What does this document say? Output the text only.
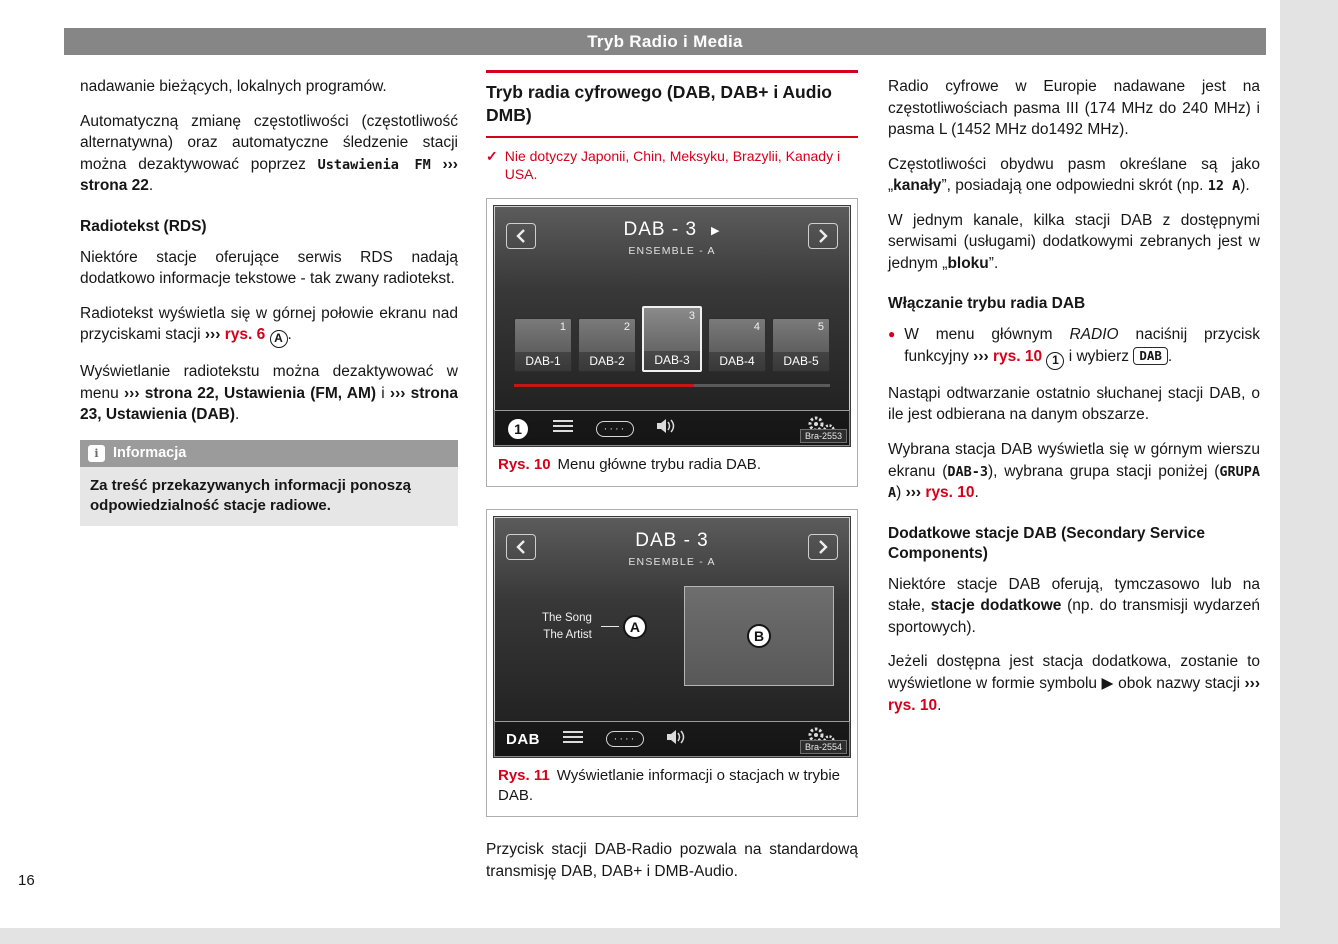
Tryb Radio i Media
16

nadawanie bieżących, lokalnych programów.

Automatyczną zmianę częstotliwości (częstotliwość alternatywna) oraz automatyczne śledzenie stacji można dezaktywować poprzez Ustawienia FM ››› strona 22.

Radiotekst (RDS)

Niektóre stacje oferujące serwis RDS nadają dodatkowo informacje tekstowe - tak zwany radiotekst.

Radiotekst wyświetla się w górnej połowie ekranu nad przyciskami stacji ››› rys. 6 A .

Wyświetlanie radiotekstu można dezaktywować w menu ››› strona 22, Ustawienia (FM, AM) i ››› strona 23, Ustawienia (DAB).

i Informacja
Za treść przekazywanych informacji ponoszą odpowiedzialność stacje radiowe.
Tryb radia cyfrowego (DAB, DAB+ i Audio DMB)

✓ Nie dotyczy Japonii, Chin, Meksyku, Brazylii, Kanady i USA.

DAB - 3 ▶
ENSEMBLE - A
1
DAB-1
2
DAB-2
3
DAB-3
4
DAB-4
5
DAB-5
1	····
Bra-2553
Rys. 10 Menu główne trybu radia DAB.
DAB - 3
ENSEMBLE - A
The Song
The Artist	A
B
DAB	····
Bra-2554
Rys. 11 Wyświetlanie informacji o stacjach w trybie DAB.

Przycisk stacji DAB-Radio pozwala na standardową transmisję DAB, DAB+ i DMB-Audio.

Radio cyfrowe w Europie nadawane jest na częstotliwościach pasma III (174 MHz do 240 MHz) i pasma L (1452 MHz do1492 MHz).

Częstotliwości obydwu pasm określane są jako „kanały”, posiadają one odpowiedni skrót (np. 12 A).

W jednym kanale, kilka stacji DAB z dostępnymi serwisami (usługami) dodatkowymi zebranych jest w jednym „bloku”.

Włączanie trybu radia DAB
● W menu głównym RADIO naciśnij przycisk funkcyjny ››› rys. 10 1 i wybierz DAB .

Nastąpi odtwarzanie ostatnio słuchanej stacji DAB, o ile jest odbierana na danym obszarze.

Wybrana stacja DAB wyświetla się w górnym wierszu ekranu (DAB-3), wybrana grupa stacji poniżej (GRUPA A) ››› rys. 10.

Dodatkowe stacje DAB (Secondary Service Components)

Niektóre stacje DAB oferują, tymczasowo lub na stałe, stacje dodatkowe (np. do transmisji wydarzeń sportowych).

Jeżeli dostępna jest stacja dodatkowa, zostanie to wyświetlone w formie symbolu ▶ obok nazwy stacji ››› rys. 10.
